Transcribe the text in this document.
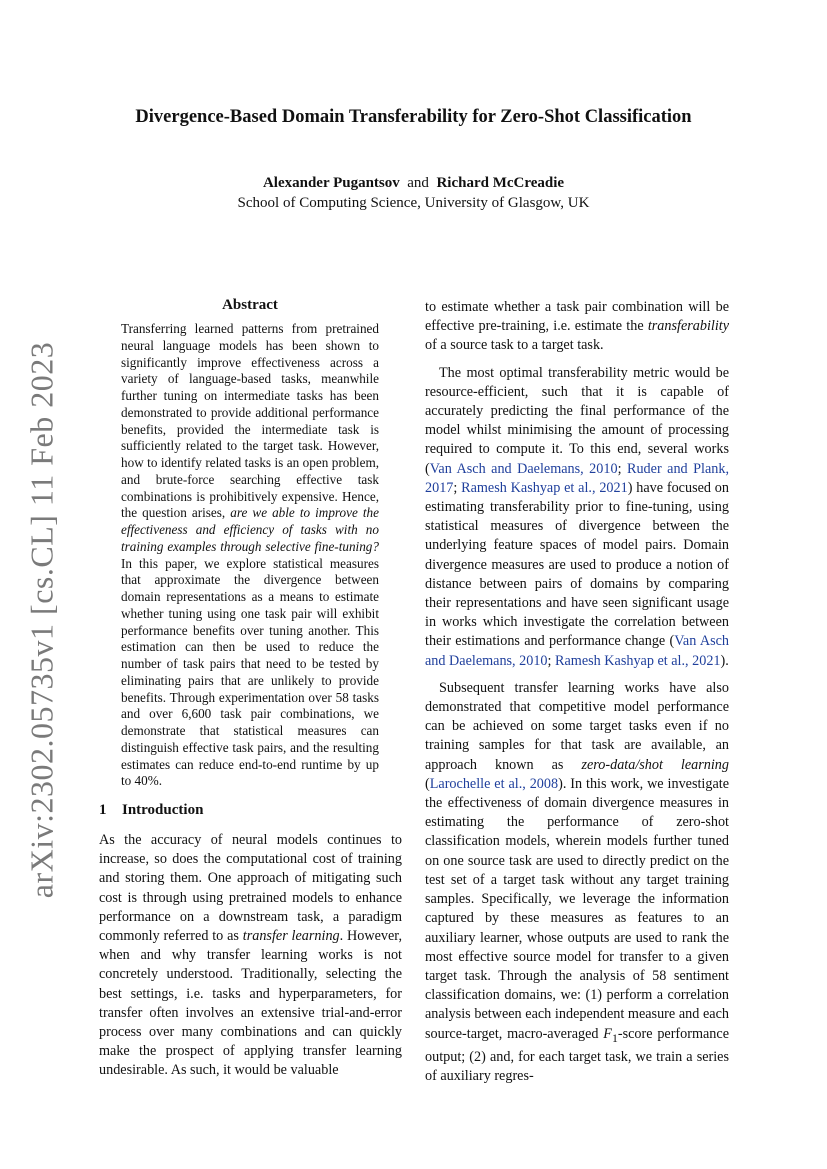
arXiv:2302.05735v1 [cs.CL] 11 Feb 2023
Divergence-Based Domain Transferability for Zero-Shot Classification
Alexander Pugantsov and Richard McCreadie
School of Computing Science, University of Glasgow, UK
Abstract
Transferring learned patterns from pretrained neural language models has been shown to significantly improve effectiveness across a variety of language-based tasks, meanwhile further tuning on intermediate tasks has been demonstrated to provide additional performance benefits, provided the intermediate task is sufficiently related to the target task. However, how to identify related tasks is an open problem, and brute-force searching effective task combinations is prohibitively expensive. Hence, the question arises, are we able to improve the effectiveness and efficiency of tasks with no training examples through selective fine-tuning? In this paper, we explore statistical measures that approximate the divergence between domain representations as a means to estimate whether tuning using one task pair will exhibit performance benefits over tuning another. This estimation can then be used to reduce the number of task pairs that need to be tested by eliminating pairs that are unlikely to provide benefits. Through experimentation over 58 tasks and over 6,600 task pair combinations, we demonstrate that statistical measures can distinguish effective task pairs, and the resulting estimates can reduce end-to-end runtime by up to 40%.
1 Introduction
As the accuracy of neural models continues to increase, so does the computational cost of training and storing them. One approach of mitigating such cost is through using pretrained models to enhance performance on a downstream task, a paradigm commonly referred to as transfer learning. However, when and why transfer learning works is not concretely understood. Traditionally, selecting the best settings, i.e. tasks and hyperparameters, for transfer often involves an extensive trial-and-error process over many combinations and can quickly make the prospect of applying transfer learning undesirable. As such, it would be valuable

to estimate whether a task pair combination will be effective pre-training, i.e. estimate the transferability of a source task to a target task.

The most optimal transferability metric would be resource-efficient, such that it is capable of accurately predicting the final performance of the model whilst minimising the amount of processing required to compute it. To this end, several works (Van Asch and Daelemans, 2010; Ruder and Plank, 2017; Ramesh Kashyap et al., 2021) have focused on estimating transferability prior to fine-tuning, using statistical measures of divergence between the underlying feature spaces of model pairs. Domain divergence measures are used to produce a notion of distance between pairs of domains by comparing their representations and have seen significant usage in works which investigate the correlation between their estimations and performance change (Van Asch and Daelemans, 2010; Ramesh Kashyap et al., 2021).

Subsequent transfer learning works have also demonstrated that competitive model performance can be achieved on some target tasks even if no training samples for that task are available, an approach known as zero-data/shot learning (Larochelle et al., 2008). In this work, we investigate the effectiveness of domain divergence measures in estimating the performance of zero-shot classification models, wherein models further tuned on one source task are used to directly predict on the test set of a target task without any target training samples. Specifically, we leverage the information captured by these measures as features to an auxiliary learner, whose outputs are used to rank the most effective source model for transfer to a given target task. Through the analysis of 58 sentiment classification domains, we: (1) perform a correlation analysis between each independent measure and each source-target, macro-averaged $F_1$-score performance output; (2) and, for each target task, we train a series of auxiliary regres-
